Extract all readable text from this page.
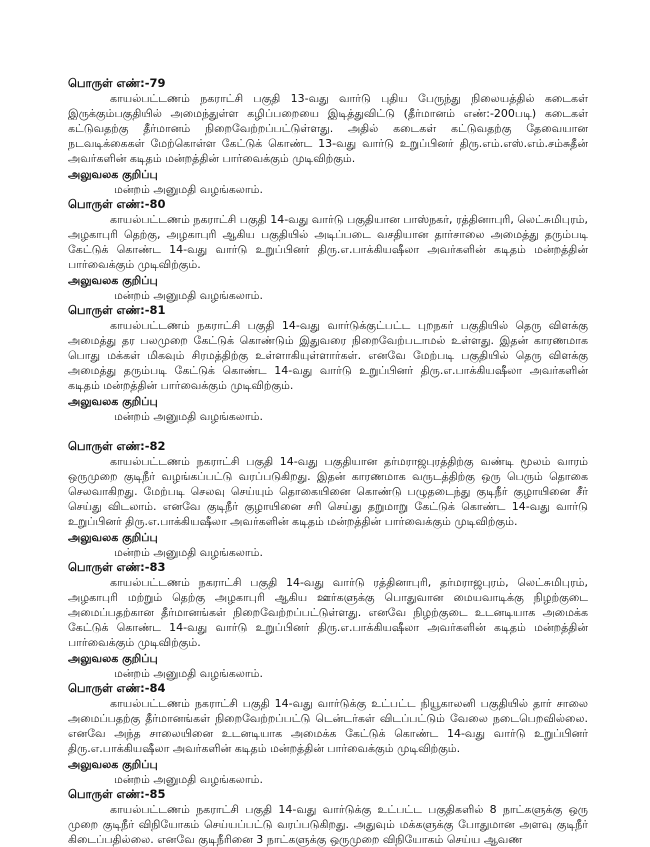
பொருள் எண்:-79

காயல்பட்டணம் நகராட்சி பகுதி 13-வது வார்டு புதிய பேருந்து நிலையத்தில் கடைகள் இருக்கும்பகுதியில் அமைந்துள்ள கழிப்பறையை இடித்துவிட்டு (தீர்மானம் எண்:-200படி) கடைகள் கட்டுவதற்கு தீர்மானம் நிறைவேற்றப்பட்டுள்ளது. அதில் கடைகள் கட்டுவதற்கு தேவையான நடவடிக்கைகள் மேற்கொள்ள கேட்டுக் கொண்ட 13-வது வார்டு உறுப்பினர் திரு.எம்.எஸ்.எம்.சம்சுதீன் அவர்களின் கடிதம் மன்றத்தின் பார்வைக்கும் முடிவிற்கும்.

அலுவலக குறிப்பு

மன்றம் அனுமதி வழங்கலாம்.

பொருள் எண்:-80

காயல்பட்டணம் நகராட்சி பகுதி 14-வது வார்டு பகுதியான பாஸ்நகர், ரத்தினாபுரி, லெட்சுமிபுரம், அழகாபுரி தெற்கு, அழகாபுரி ஆகிய பகுதியில் அடிப்படை வசதியான தார்சாலை அமைத்து தரும்படி கேட்டுக் கொண்ட 14-வது வார்டு உறுப்பினர் திரு.எ.பாக்கியஷீலா அவர்களின் கடிதம் மன்றத்தின் பார்வைக்கும் முடிவிற்கும்.

அலுவலக குறிப்பு

மன்றம் அனுமதி வழங்கலாம்.

பொருள் எண்:-81

காயல்பட்டணம் நகராட்சி பகுதி 14-வது வார்டுக்குட்பட்ட புறநகர் பகுதியில் தெரு விளக்கு அமைத்து தர பலமுறை கேட்டுக் கொண்டும் இதுவரை நிறைவேற்படாமல் உள்ளது. இதன் காரணமாக பொது மக்கள் மிகவும் சிரமத்திற்கு உள்ளாகியுள்ளார்கள். எனவே மேற்படி பகுதியில் தெரு விளக்கு அமைத்து தரும்படி கேட்டுக் கொண்ட 14-வது வார்டு உறுப்பினர் திரு.எ.பாக்கியஷீலா அவர்களின் கடிதம் மன்றத்தின் பார்வைக்கும் முடிவிற்கும்.

அலுவலக குறிப்பு

மன்றம் அனுமதி வழங்கலாம்.

பொருள் எண்:-82

காயல்பட்டணம் நகராட்சி பகுதி 14-வது பகுதியான தர்மராஜபுரத்திற்கு வண்டி மூலம் வாரம் ஒருமுறை குடிநீர் வழங்கப்பட்டு வரப்படுகிறது. இதன் காரணமாக வருடத்திற்கு ஒரு பெரும் தொகை செலவாகிறது. மேற்படி செலவு செய்யும் தொகையினை கொண்டு பழுதடைந்து குடிநீர் குழாயினை சீர் செய்து விடலாம். எனவே குடிநீர் குழாயினை சரி செய்து தறுமாறு கேட்டுக் கொண்ட 14-வது வார்டு உறுப்பினர் திரு.எ.பாக்கியஷீலா அவர்களின் கடிதம் மன்றத்தின் பார்வைக்கும் முடிவிற்கும்.

அலுவலக குறிப்பு

மன்றம் அனுமதி வழங்கலாம்.

பொருள் எண்:-83

காயல்பட்டணம் நகராட்சி பகுதி 14-வது வார்டு ரத்தினாபுரி, தர்மராஜபுரம், லெட்சுமிபுரம், அழகாபுரி மற்றும் தெற்கு அழகாபுரி ஆகிய ஊர்களுக்கு பொதுவான மையவாடிக்கு நிழற்குடை அமைப்பதற்கான தீர்மானங்கள் நிறைவேற்றப்பட்டுள்ளது. எனவே நிழற்குடை உடனடியாக அமைக்க கேட்டுக் கொண்ட 14-வது வார்டு உறுப்பினர் திரு.எ.பாக்கியஷீலா அவர்களின் கடிதம் மன்றத்தின் பார்வைக்கும் முடிவிற்கும்.

அலுவலக குறிப்பு

மன்றம் அனுமதி வழங்கலாம்.

பொருள் எண்:-84

காயல்பட்டணம் நகராட்சி பகுதி 14-வது வார்டுக்கு உட்பட்ட நியூகாலனி பகுதியில் தார் சாலை அமைப்பதற்கு தீர்மானங்கள் நிறைவேற்றப்பட்டு டென்டர்கள் விடப்பட்டும் வேலை நடைபெறவில்லை. எனவே அந்த சாலையினை உடனடியாக அமைக்க கேட்டுக் கொண்ட 14-வது வார்டு உறுப்பினர் திரு.எ.பாக்கியஷீலா அவர்களின் கடிதம் மன்றத்தின் பார்வைக்கும் முடிவிற்கும்.

அலுவலக குறிப்பு

மன்றம் அனுமதி வழங்கலாம்.

பொருள் எண்:-85

காயல்பட்டணம் நகராட்சி பகுதி 14-வது வார்டுக்கு உட்பட்ட பகுதிகளில் 8 நாட்களுக்கு ஒரு முறை குடிநீர் விநியோகம் செய்யப்பட்டு வரப்படுகிறது. அதுவும் மக்களுக்கு போதுமான அளவு குடிநீர் கிடைப்பதில்லை. எனவே குடிநீரினை 3 நாட்களுக்கு ஒருமுறை விநியோகம் செய்ய ஆவண
